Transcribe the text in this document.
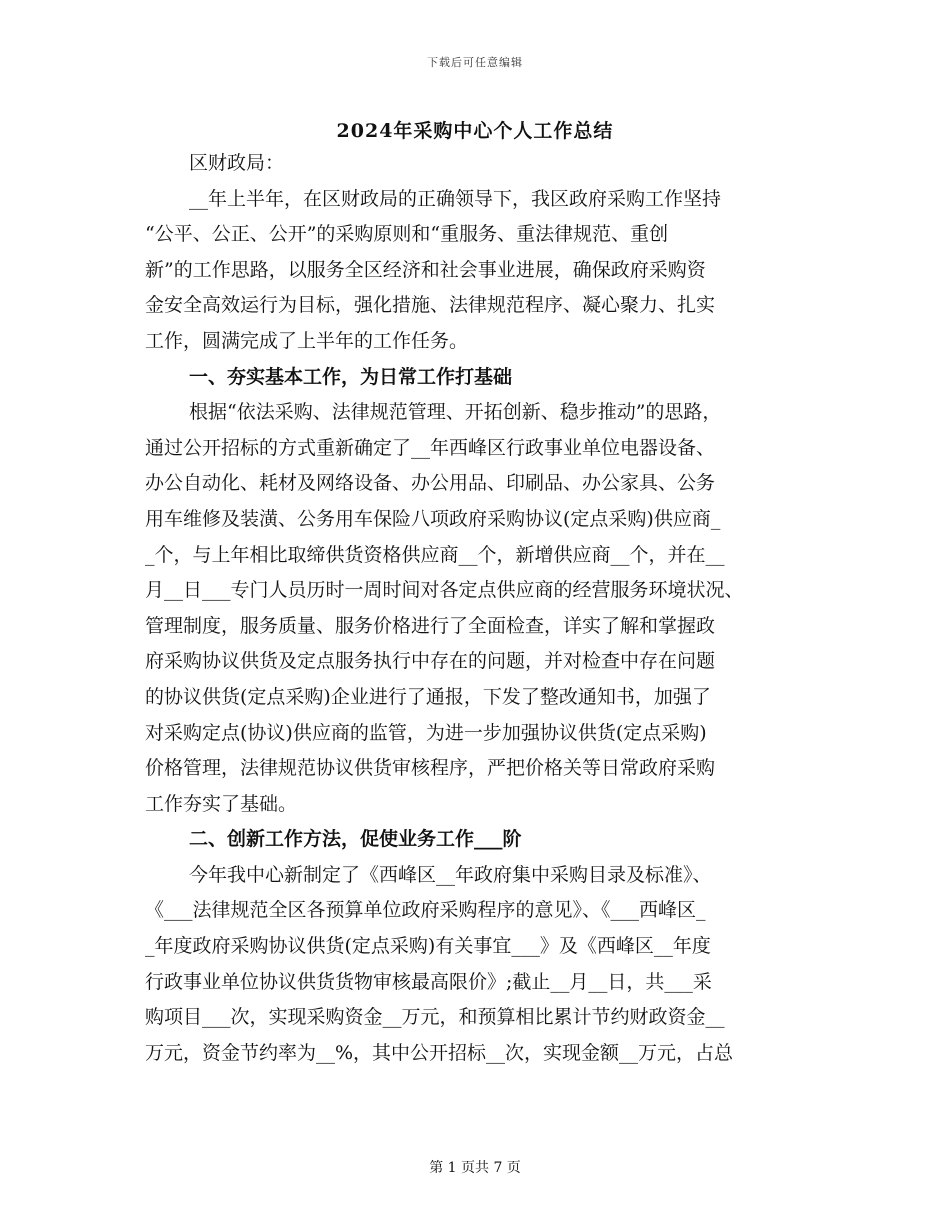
下载后可任意编辑
2024年采购中心个人工作总结
区财政局：
__年上半年，在区财政局的正确领导下，我区政府采购工作坚持
“公平、公正、公开”的采购原则和“重服务、重法律规范、重创
新”的工作思路，以服务全区经济和社会事业进展，确保政府采购资
金安全高效运行为目标，强化措施、法律规范程序、凝心聚力、扎实
工作，圆满完成了上半年的工作任务。
一、夯实基本工作，为日常工作打基础
根据“依法采购、法律规范管理、开拓创新、稳步推动”的思路，
通过公开招标的方式重新确定了__年西峰区行政事业单位电器设备、
办公自动化、耗材及网络设备、办公用品、印刷品、办公家具、公务
用车维修及装潢、公务用车保险八项政府采购协议(定点采购)供应商_
_个，与上年相比取缔供货资格供应商__个，新增供应商__个，并在__
月__日___专门人员历时一周时间对各定点供应商的经营服务环境状况、
管理制度，服务质量、服务价格进行了全面检查，详实了解和掌握政
府采购协议供货及定点服务执行中存在的问题，并对检查中存在问题
的协议供货(定点采购)企业进行了通报，下发了整改通知书，加强了
对采购定点(协议)供应商的监管，为进一步加强协议供货(定点采购)
价格管理，法律规范协议供货审核程序，严把价格关等日常政府采购
工作夯实了基础。
二、创新工作方法，促使业务工作___阶
今年我中心新制定了《西峰区__年政府集中采购目录及标准》、
《___法律规范全区各预算单位政府采购程序的意见》、《___西峰区_
_年度政府采购协议供货(定点采购)有关事宜___》及《西峰区__年度
行政事业单位协议供货货物审核最高限价》;截止__月__日，共___采
购项目___次，实现采购资金__万元，和预算相比累计节约财政资金__
万元，资金节约率为__%，其中公开招标__次，实现金额__万元，占总
第 1 页共 7 页
